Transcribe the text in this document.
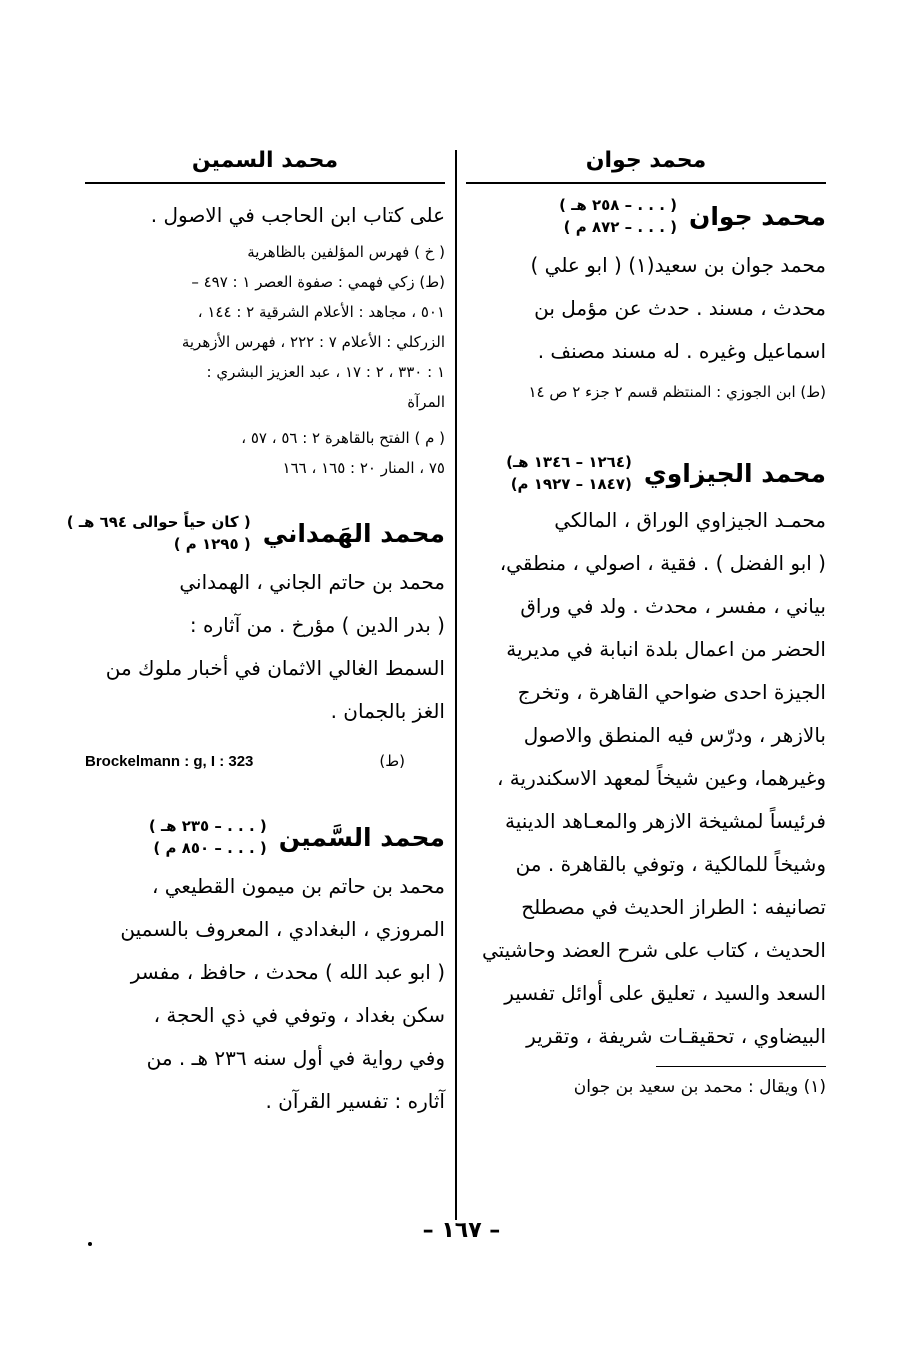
محمد جوان
محمد جوان
( . . . – ٢٥٨ هـ )
( . . . – ٨٧٢ م )
محمد جوان بن سعيد(١) ( ابو علي )
محدث ، مسند . حدث عن مؤمل بن
اسماعيل وغيره . له مسند مصنف .
(ط) ابن الجوزي : المنتظم قسم ٢ جزء ٢ ص ١٤
محمد الجيزاوي
(١٢٦٤ – ١٣٤٦ هـ)
(١٨٤٧ – ١٩٢٧ م)
محمـد الجيزاوي الوراق ، المالكي
( ابو الفضل ) . فقية ، اصولي ، منطقي،
بياني ، مفسر ، محدث . ولد في وراق
الحضر من اعمال بلدة انبابة في مديرية
الجيزة احدى ضواحي القاهرة ، وتخرج
بالازهر ، ودرّس فيه المنطق والاصول
وغيرهما، وعين شيخاً لمعهد الاسكندرية ،
فرئيساً لمشيخة الازهر والمعـاهد الدينية
وشيخاً للمالكية ، وتوفي بالقاهرة . من
تصانيفه : الطراز الحديث في مصطلح
الحديث ، كتاب على شرح العضد وحاشيتي
السعد والسيد ، تعليق على أوائل تفسير
البيضاوي ، تحقيقـات شريفة ، وتقرير
(١) ويقال : محمد بن سعيد بن جوان
محمد السمين
على كتاب ابن الحاجب في الاصول .
( خ ) فهرس المؤلفين بالظاهرية
(ط) زكي فهمي : صفوة العصر ١ : ٤٩٧ –
٥٠١ ، مجاهد : الأعلام الشرقية ٢ : ١٤٤ ،
الزركلي : الأعلام ٧ : ٢٢٢ ، فهرس الأزهرية
١ : ٣٣٠ ، ٢ : ١٧ ، عبد العزيز البشري :
المرآة
( م ) الفتح بالقاهرة ٢ : ٥٦ ، ٥٧ ،
٧٥ ، المنار ٢٠ : ١٦٥ ، ١٦٦
محمد الهَمداني
( كان حياً حوالى ٦٩٤ هـ )
( ١٢٩٥ م )
محمد بن حاتم الجاني ، الهمداني
( بدر الدين ) مؤرخ . من آثاره :
السمط الغالي الاثمان في أخبار ملوك من
الغز بالجمان .
(ط)
Brockelmann : g, I : 323
محمد السَّمين
( . . . – ٢٣٥ هـ )
( . . . – ٨٥٠ م )
محمد بن حاتم بن ميمون القطيعي ،
المروزي ، البغدادي ، المعروف بالسمين
( ابو عبد الله ) محدث ، حافظ ، مفسر
سكن بغداد ، وتوفي في ذي الحجة ،
وفي رواية في أول سنه ٢٣٦ هـ . من
آثاره : تفسير القرآن .
– ١٦٧ –
